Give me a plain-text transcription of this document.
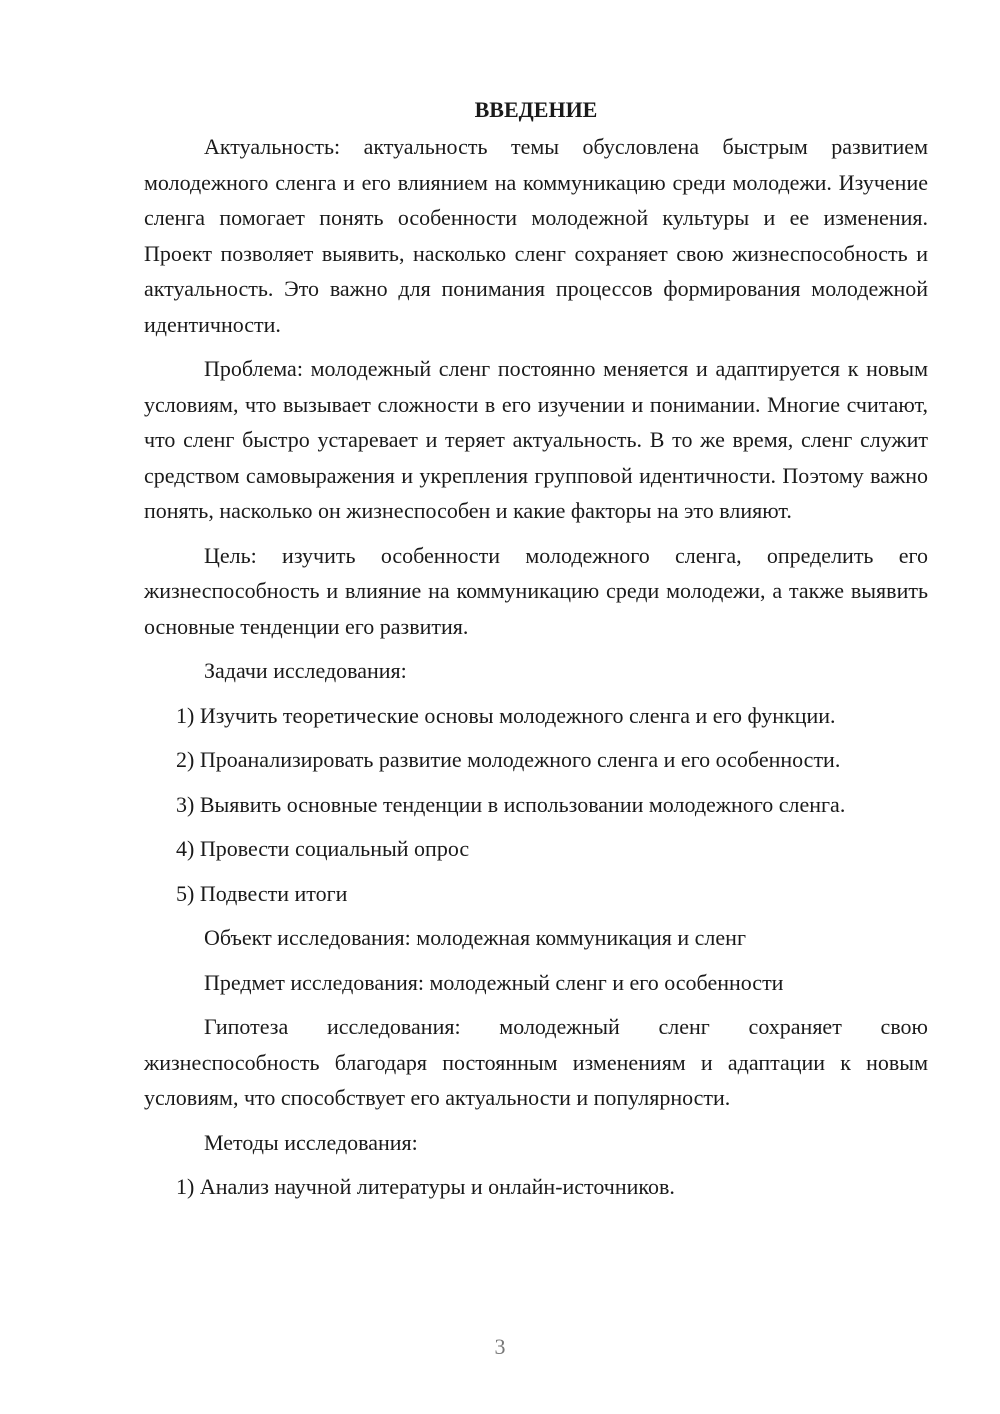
ВВЕДЕНИЕ

Актуальность: актуальность темы обусловлена быстрым развитием молодежного сленга и его влиянием на коммуникацию среди молодежи. Изучение сленга помогает понять особенности молодежной культуры и ее изменения. Проект позволяет выявить, насколько сленг сохраняет свою жизнеспособность и актуальность. Это важно для понимания процессов формирования молодежной идентичности.

Проблема: молодежный сленг постоянно меняется и адаптируется к новым условиям, что вызывает сложности в его изучении и понимании. Многие считают, что сленг быстро устаревает и теряет актуальность. В то же время, сленг служит средством самовыражения и укрепления групповой идентичности. Поэтому важно понять, насколько он жизнеспособен и какие факторы на это влияют.

Цель: изучить особенности молодежного сленга, определить его жизнеспособность и влияние на коммуникацию среди молодежи, а также выявить основные тенденции его развития.

Задачи исследования:

1) Изучить теоретические основы молодежного сленга и его функции.

2) Проанализировать развитие молодежного сленга и его особенности.

3) Выявить основные тенденции в использовании молодежного сленга.

4) Провести социальный опрос

5) Подвести итоги

Объект исследования: молодежная коммуникация и сленг

Предмет исследования: молодежный сленг и его особенности

Гипотеза исследования: молодежный сленг сохраняет свою жизнеспособность благодаря постоянным изменениям и адаптации к новым условиям, что способствует его актуальности и популярности.

Методы исследования:

1) Анализ научной литературы и онлайн-источников.

3
